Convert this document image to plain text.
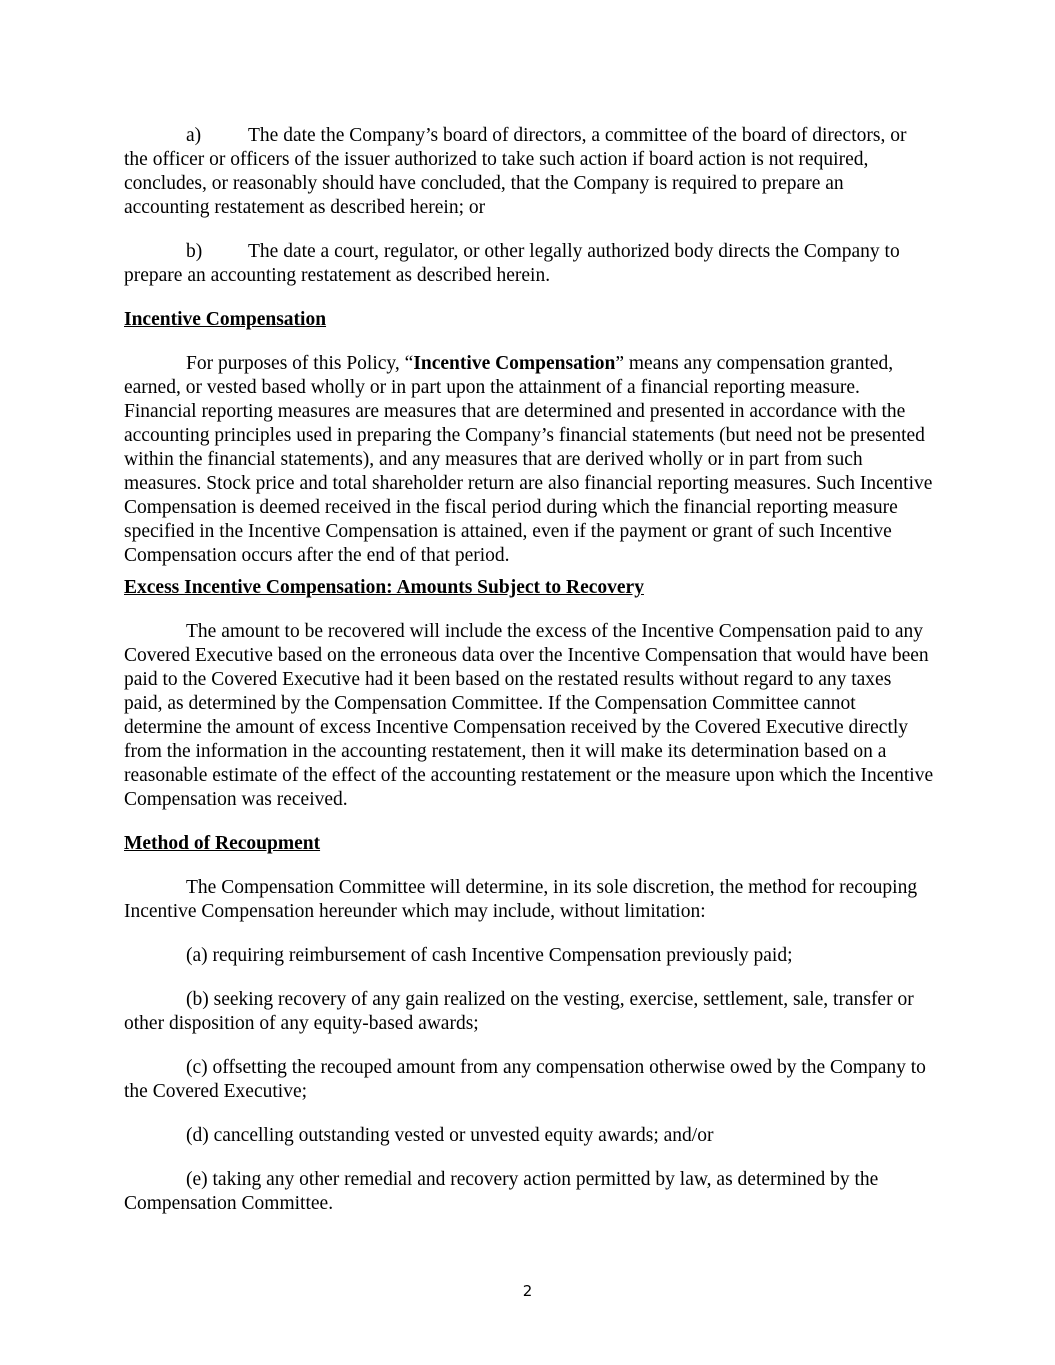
a) The date the Company’s board of directors, a committee of the board of directors, or the officer or officers of the issuer authorized to take such action if board action is not required, concludes, or reasonably should have concluded, that the Company is required to prepare an accounting restatement as described herein; or

b) The date a court, regulator, or other legally authorized body directs the Company to prepare an accounting restatement as described herein.

Incentive Compensation

For purposes of this Policy, “Incentive Compensation” means any compensation granted, earned, or vested based wholly or in part upon the attainment of a financial reporting measure. Financial reporting measures are measures that are determined and presented in accordance with the accounting principles used in preparing the Company’s financial statements (but need not be presented within the financial statements), and any measures that are derived wholly or in part from such measures. Stock price and total shareholder return are also financial reporting measures. Such Incentive Compensation is deemed received in the fiscal period during which the financial reporting measure specified in the Incentive Compensation is attained, even if the payment or grant of such Incentive Compensation occurs after the end of that period.

Excess Incentive Compensation: Amounts Subject to Recovery

The amount to be recovered will include the excess of the Incentive Compensation paid to any Covered Executive based on the erroneous data over the Incentive Compensation that would have been paid to the Covered Executive had it been based on the restated results without regard to any taxes paid, as determined by the Compensation Committee. If the Compensation Committee cannot determine the amount of excess Incentive Compensation received by the Covered Executive directly from the information in the accounting restatement, then it will make its determination based on a reasonable estimate of the effect of the accounting restatement or the measure upon which the Incentive Compensation was received.

Method of Recoupment

The Compensation Committee will determine, in its sole discretion, the method for recouping Incentive Compensation hereunder which may include, without limitation:

(a) requiring reimbursement of cash Incentive Compensation previously paid;

(b) seeking recovery of any gain realized on the vesting, exercise, settlement, sale, transfer or other disposition of any equity-based awards;

(c) offsetting the recouped amount from any compensation otherwise owed by the Company to the Covered Executive;

(d) cancelling outstanding vested or unvested equity awards; and/or

(e) taking any other remedial and recovery action permitted by law, as determined by the Compensation Committee.

2
